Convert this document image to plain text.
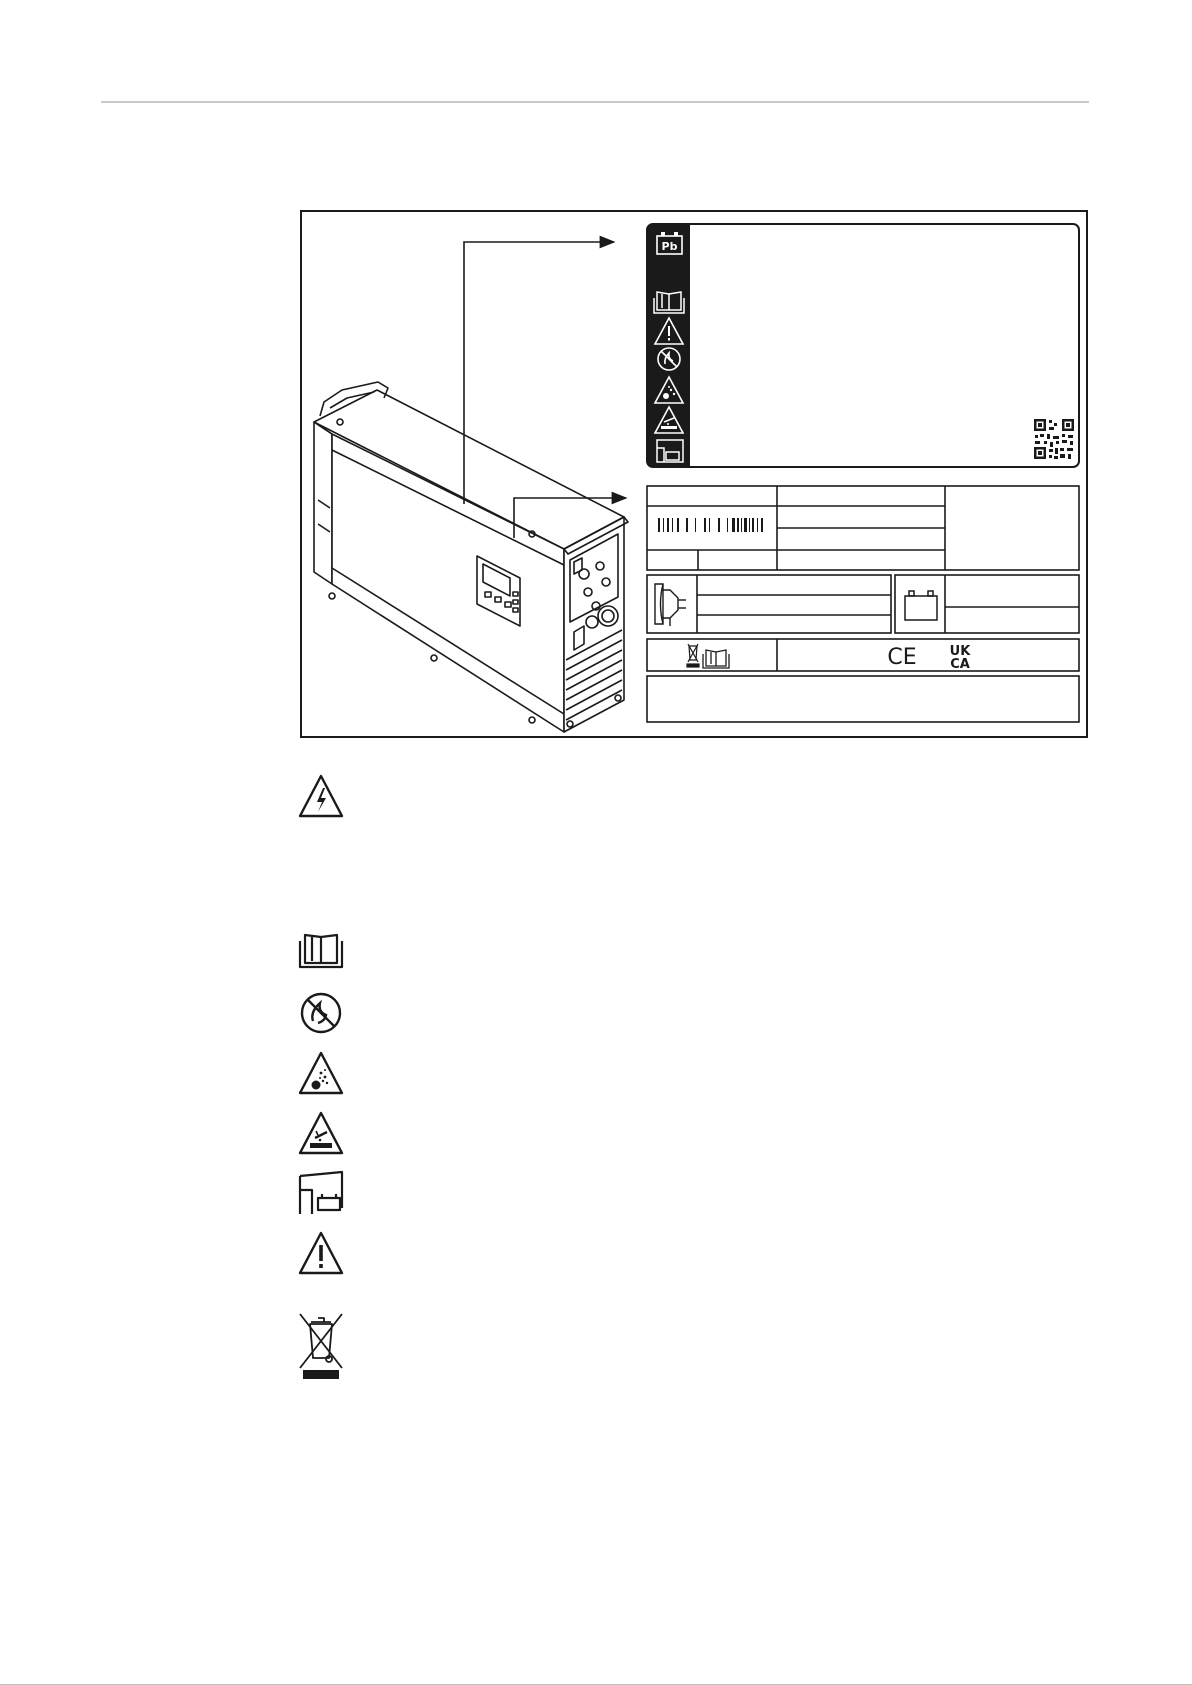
Pb
CE	UK
CA
